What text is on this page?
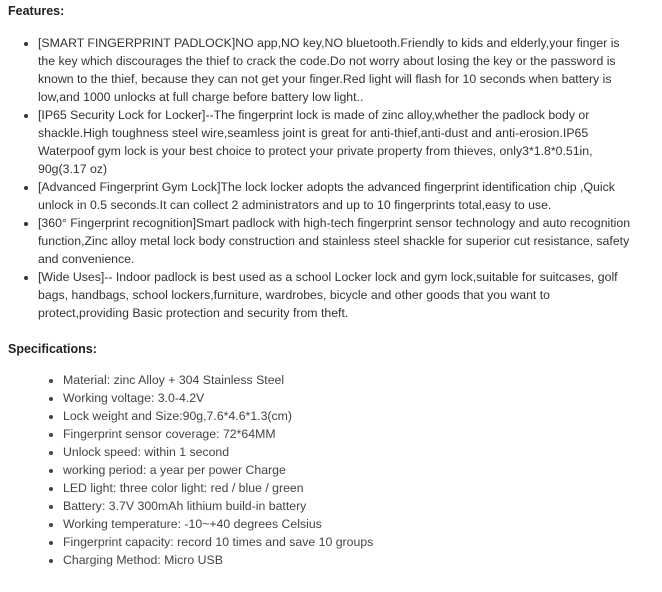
Features:
• [SMART FINGERPRINT PADLOCK]NO app,NO key,NO bluetooth.Friendly to kids and elderly,your finger is the key which discourages the thief to crack the code.Do not worry about losing the key or the password is known to the thief, because they can not get your finger.Red light will flash for 10 seconds when battery is low,and 1000 unlocks at full charge before battery low light..
• [IP65 Security Lock for Locker]--The fingerprint lock is made of zinc alloy,whether the padlock body or shackle.High toughness steel wire,seamless joint is great for anti-thief,anti-dust and anti-erosion.IP65 Waterpoof gym lock is your best choice to protect your private property from thieves, only3*1.8*0.51in, 90g(3.17 oz)
• [Advanced Fingerprint Gym Lock]The lock locker adopts the advanced fingerprint identification chip ,Quick unlock in 0.5 seconds.It can collect 2 administrators and up to 10 fingerprints total,easy to use.
• [360° Fingerprint recognition]Smart padlock with high-tech fingerprint sensor technology and auto recognition function,Zinc alloy metal lock body construction and stainless steel shackle for superior cut resistance, safety and convenience.
• [Wide Uses]-- Indoor padlock is best used as a school Locker lock and gym lock,suitable for suitcases, golf bags, handbags, school lockers,furniture, wardrobes, bicycle and other goods that you want to protect,providing Basic protection and security from theft.
Specifications:
• Material: zinc Alloy + 304 Stainless Steel
• Working voltage: 3.0-4.2V
• Lock weight and Size:90g,7.6*4.6*1.3(cm)
• Fingerprint sensor coverage: 72*64MM
• Unlock speed: within 1 second
• working period: a year per power Charge
• LED light: three color light: red / blue / green
• Battery: 3.7V 300mAh lithium build-in battery
• Working temperature: -10~+40 degrees Celsius
• Fingerprint capacity: record 10 times and save 10 groups
• Charging Method: Micro USB
